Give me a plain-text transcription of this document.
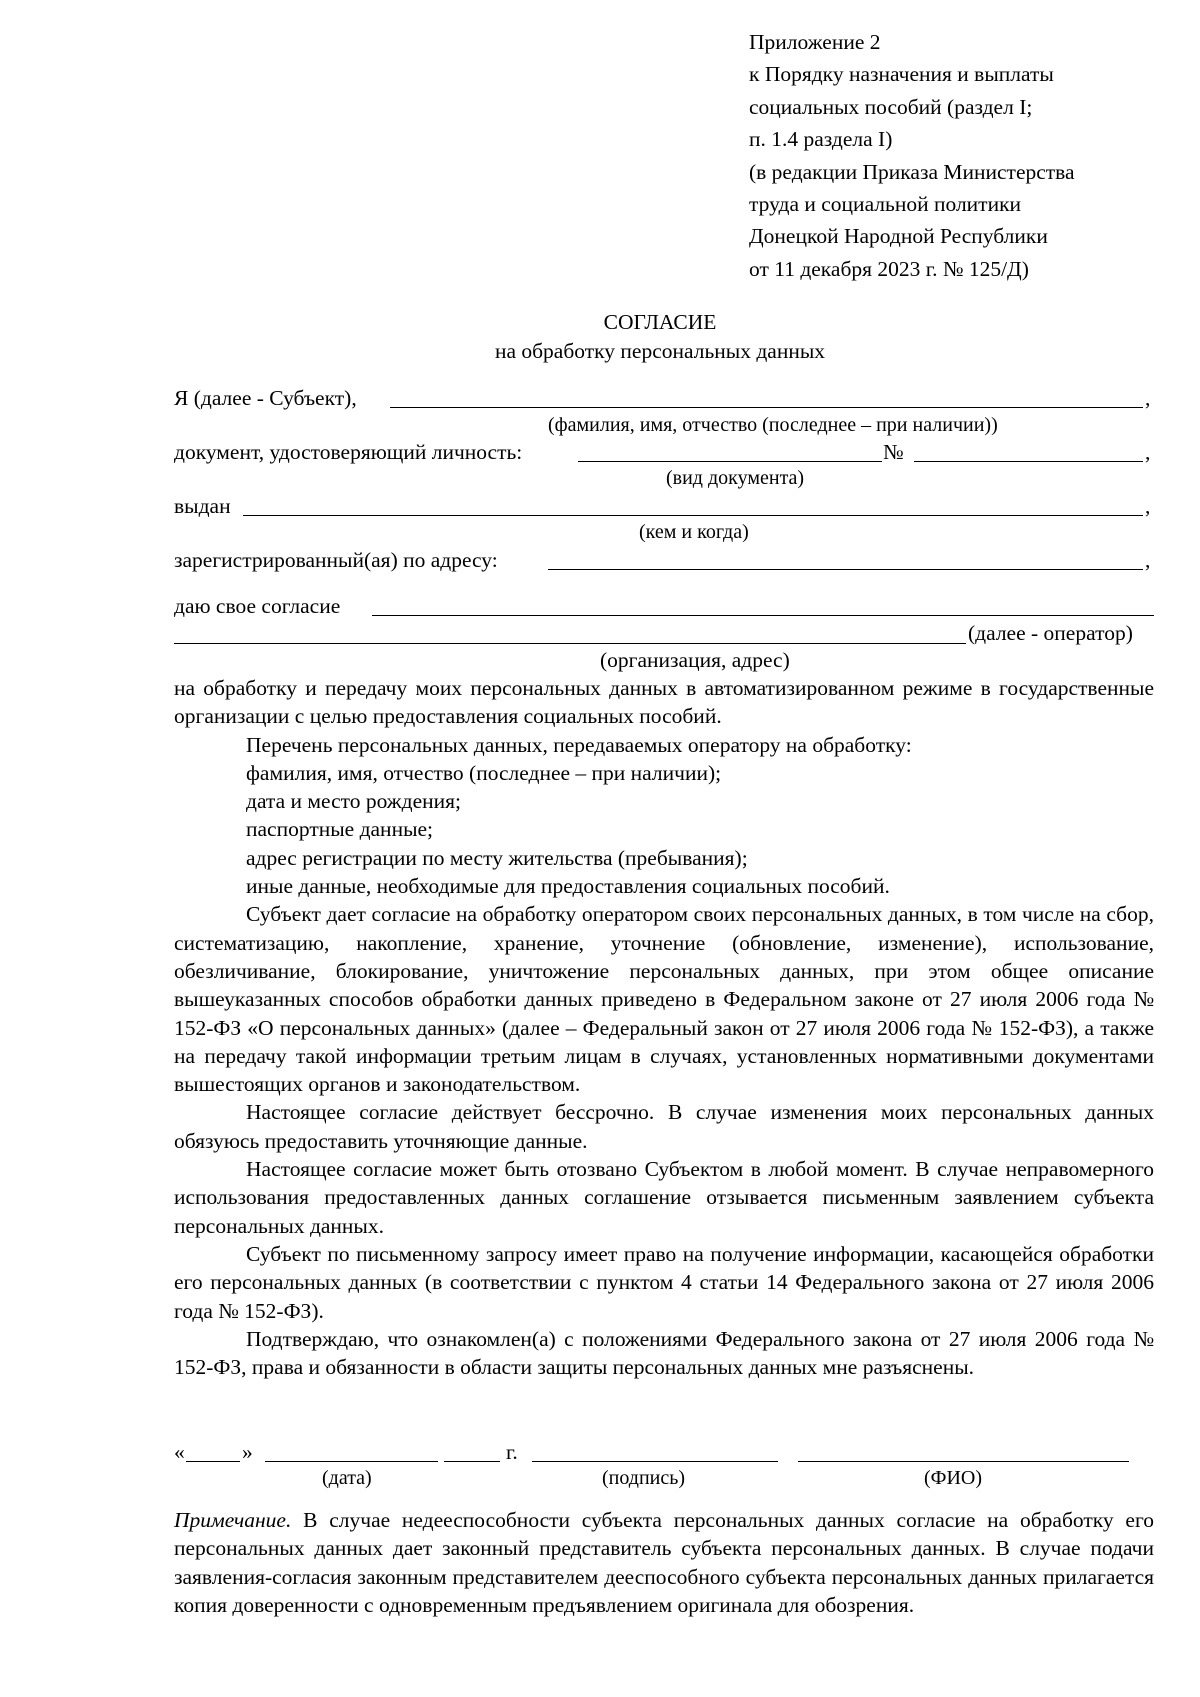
Приложение 2
к Порядку назначения и выплаты
социальных пособий (раздел I;
п. 1.4 раздела I)
(в редакции Приказа Министерства
труда и социальной политики
Донецкой Народной Республики
от 11 декабря 2023 г. № 125/Д)
СОГЛАСИЕ
на обработку персональных данных
Я (далее - Субъект),	,
(фамилия, имя, отчество (последнее – при наличии))
документ, удостоверяющий личность:	№	,
(вид документа)
выдан	,
(кем и когда)
зарегистрированный(ая) по адресу:	,
даю свое согласие
(далее - оператор)
(организация, адрес)

на обработку и передачу моих персональных данных в автоматизированном режиме в государственные организации с целью предоставления социальных пособий.

Перечень персональных данных, передаваемых оператору на обработку:

фамилия, имя, отчество (последнее – при наличии);

дата и место рождения;

паспортные данные;

адрес регистрации по месту жительства (пребывания);

иные данные, необходимые для предоставления социальных пособий.

Субъект дает согласие на обработку оператором своих персональных данных, в том числе на сбор, систематизацию, накопление, хранение, уточнение (обновление, изменение), использование, обезличивание, блокирование, уничтожение персональных данных, при этом общее описание вышеуказанных способов обработки данных приведено в Федеральном законе от 27 июля 2006 года № 152-ФЗ «О персональных данных» (далее – Федеральный закон от 27 июля 2006 года № 152-ФЗ), а также на передачу такой информации третьим лицам в случаях, установленных нормативными документами вышестоящих органов и законодательством.

Настоящее согласие действует бессрочно. В случае изменения моих персональных данных обязуюсь предоставить уточняющие данные.

Настоящее согласие может быть отозвано Субъектом в любой момент. В случае неправомерного использования предоставленных данных соглашение отзывается письменным заявлением субъекта персональных данных.

Субъект по письменному запросу имеет право на получение информации, касающейся обработки его персональных данных (в соответствии с пунктом 4 статьи 14 Федерального закона от 27 июля 2006 года № 152-ФЗ).

Подтверждаю, что ознакомлен(а) с положениями Федерального закона от 27 июля 2006 года № 152-ФЗ, права и обязанности в области защиты персональных данных мне разъяснены.

«	»	г.
(дата)	(подпись)	(ФИО)

Примечание. В случае недееспособности субъекта персональных данных согласие на обработку его персональных данных дает законный представитель субъекта персональных данных. В случае подачи заявления-согласия законным представителем дееспособного субъекта персональных данных прилагается копия доверенности с одновременным предъявлением оригинала для обозрения.
